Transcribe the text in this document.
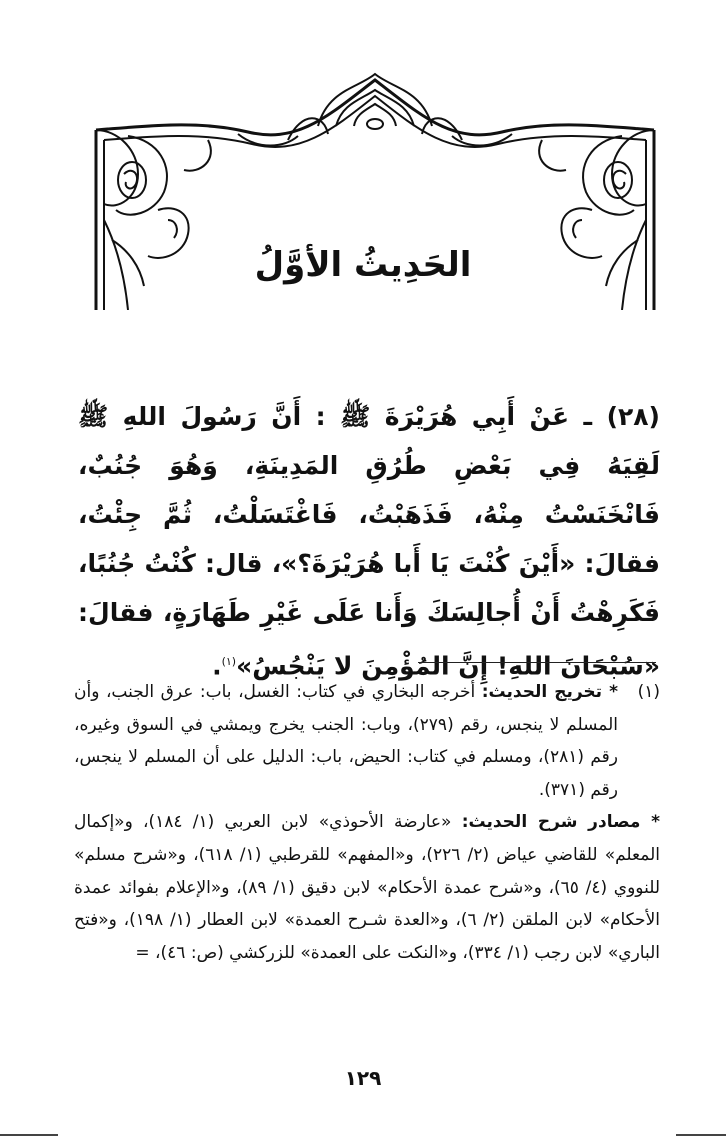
الحَدِيثُ الأوَّلُ
(٢٨) ـ عَنْ أَبِي هُرَيْرَةَ ﷺ : أَنَّ رَسُولَ اللهِ ﷺ لَقِيَهُ فِي بَعْضِ طُرُقِ المَدِينَةِ، وَهُوَ جُنُبٌ، فَانْخَنَسْتُ مِنْهُ، فَذَهَبْتُ، فَاغْتَسَلْتُ، ثُمَّ جِئْتُ، فقالَ: «أَيْنَ كُنْتَ يَا أَبا هُرَيْرَةَ؟»، قال: كُنْتُ جُنُبًا، فَكَرِهْتُ أَنْ أُجالِسَكَ وَأَنا عَلَى غَيْرِ طَهَارَةٍ، فقالَ: «سُبْحَانَ اللهِ! إِنَّ المُؤْمِنَ لا يَنْجُسُ»$^{(١)}$.
(١)
* تخريج الحديث: أخرجه البخاري في كتاب: الغسل، باب: عرق الجنب، وأن المسلم لا ينجس، رقم (٢٧٩)، وباب: الجنب يخرج ويمشي في السوق وغيره، رقم (٢٨١)، ومسلم في كتاب: الحيض، باب: الدليل على أن المسلم لا ينجس، رقم (٣٧١).
* مصادر شرح الحديث: «عارضة الأحوذي» لابن العربي (١/ ١٨٤)، و«إكمال المعلم» للقاضي عياض (٢/ ٢٢٦)، و«المفهم» للقرطبي (١/ ٦١٨)، و«شرح مسلم» للنووي (٤/ ٦٥)، و«شرح عمدة الأحكام» لابن دقيق (١/ ٨٩)، و«الإعلام بفوائد عمدة الأحكام» لابن الملقن (٢/ ٦)، و«العدة شـرح العمدة» لابن العطار (١/ ١٩٨)، و«فتح الباري» لابن رجب (١/ ٣٣٤)، و«النكت على العمدة» للزركشي (ص: ٤٦)، =
١٢٩
